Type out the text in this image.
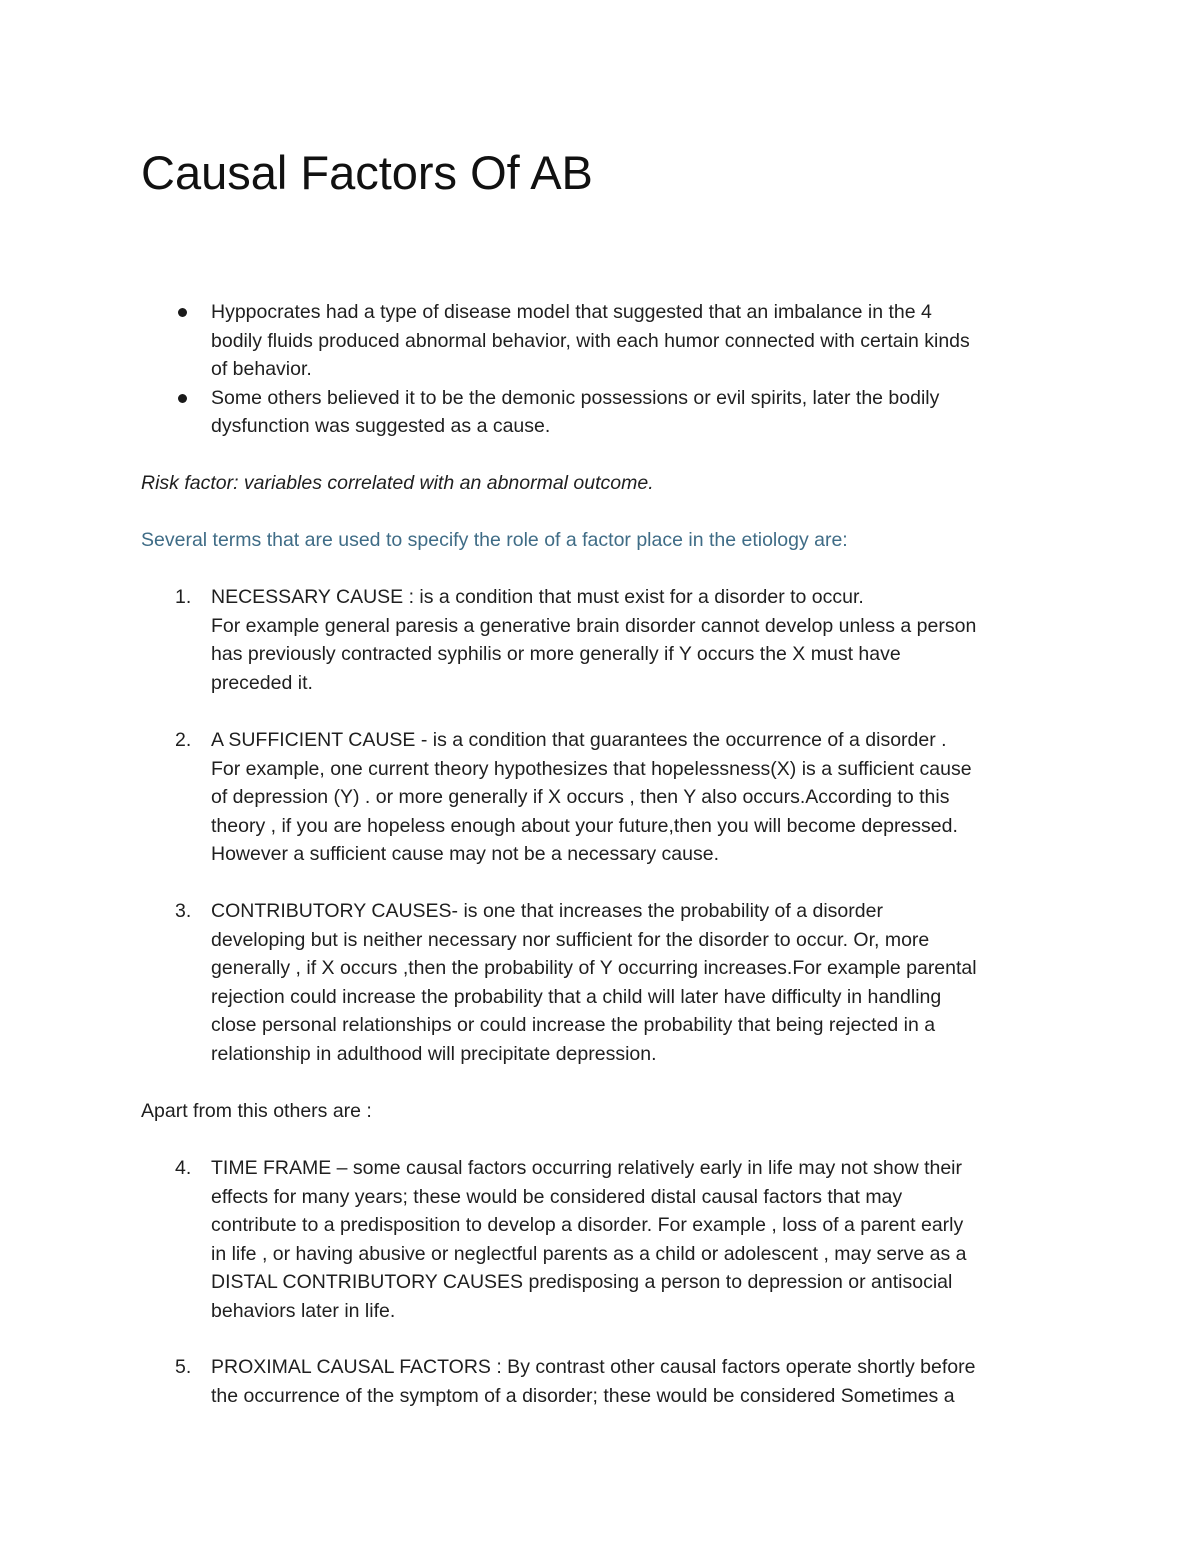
Causal Factors Of AB
Hyppocrates had a type of disease model that suggested that an imbalance in the 4
bodily fluids produced abnormal behavior, with each humor connected with certain kinds
of behavior.
Some others believed it to be the demonic possessions or evil spirits, later the bodily
dysfunction was suggested as a cause.
Risk factor: variables correlated with an abnormal outcome.
Several terms that are used to specify the role of a factor place in the etiology are:
1. NECESSARY CAUSE : is a condition that must exist for a disorder to occur.
For example general paresis a generative brain disorder cannot develop unless a person
has previously contracted syphilis or more generally if Y occurs the X must have
preceded it.
2. A SUFFICIENT CAUSE - is a condition that guarantees the occurrence of a disorder .
For example, one current theory hypothesizes that hopelessness(X) is a sufficient cause
of depression (Y) . or more generally if X occurs , then Y also occurs.According to this
theory , if you are hopeless enough about your future,then you will become depressed.
However a sufficient cause may not be a necessary cause.
3. CONTRIBUTORY CAUSES- is one that increases the probability of a disorder
developing but is neither necessary nor sufficient for the disorder to occur. Or, more
generally , if X occurs ,then the probability of Y occurring increases.For example parental
rejection could increase the probability that a child will later have difficulty in handling
close personal relationships or could increase the probability that being rejected in a
relationship in adulthood will precipitate depression.
Apart from this others are :
4. TIME FRAME – some causal factors occurring relatively early in life may not show their
effects for many years; these would be considered distal causal factors that may
contribute to a predisposition to develop a disorder. For example , loss of a parent early
in life , or having abusive or neglectful parents as a child or adolescent , may serve as a
DISTAL CONTRIBUTORY CAUSES predisposing a person to depression or antisocial
behaviors later in life.
5. PROXIMAL CAUSAL FACTORS : By contrast other causal factors operate shortly before
the occurrence of the symptom of a disorder; these would be considered Sometimes a
